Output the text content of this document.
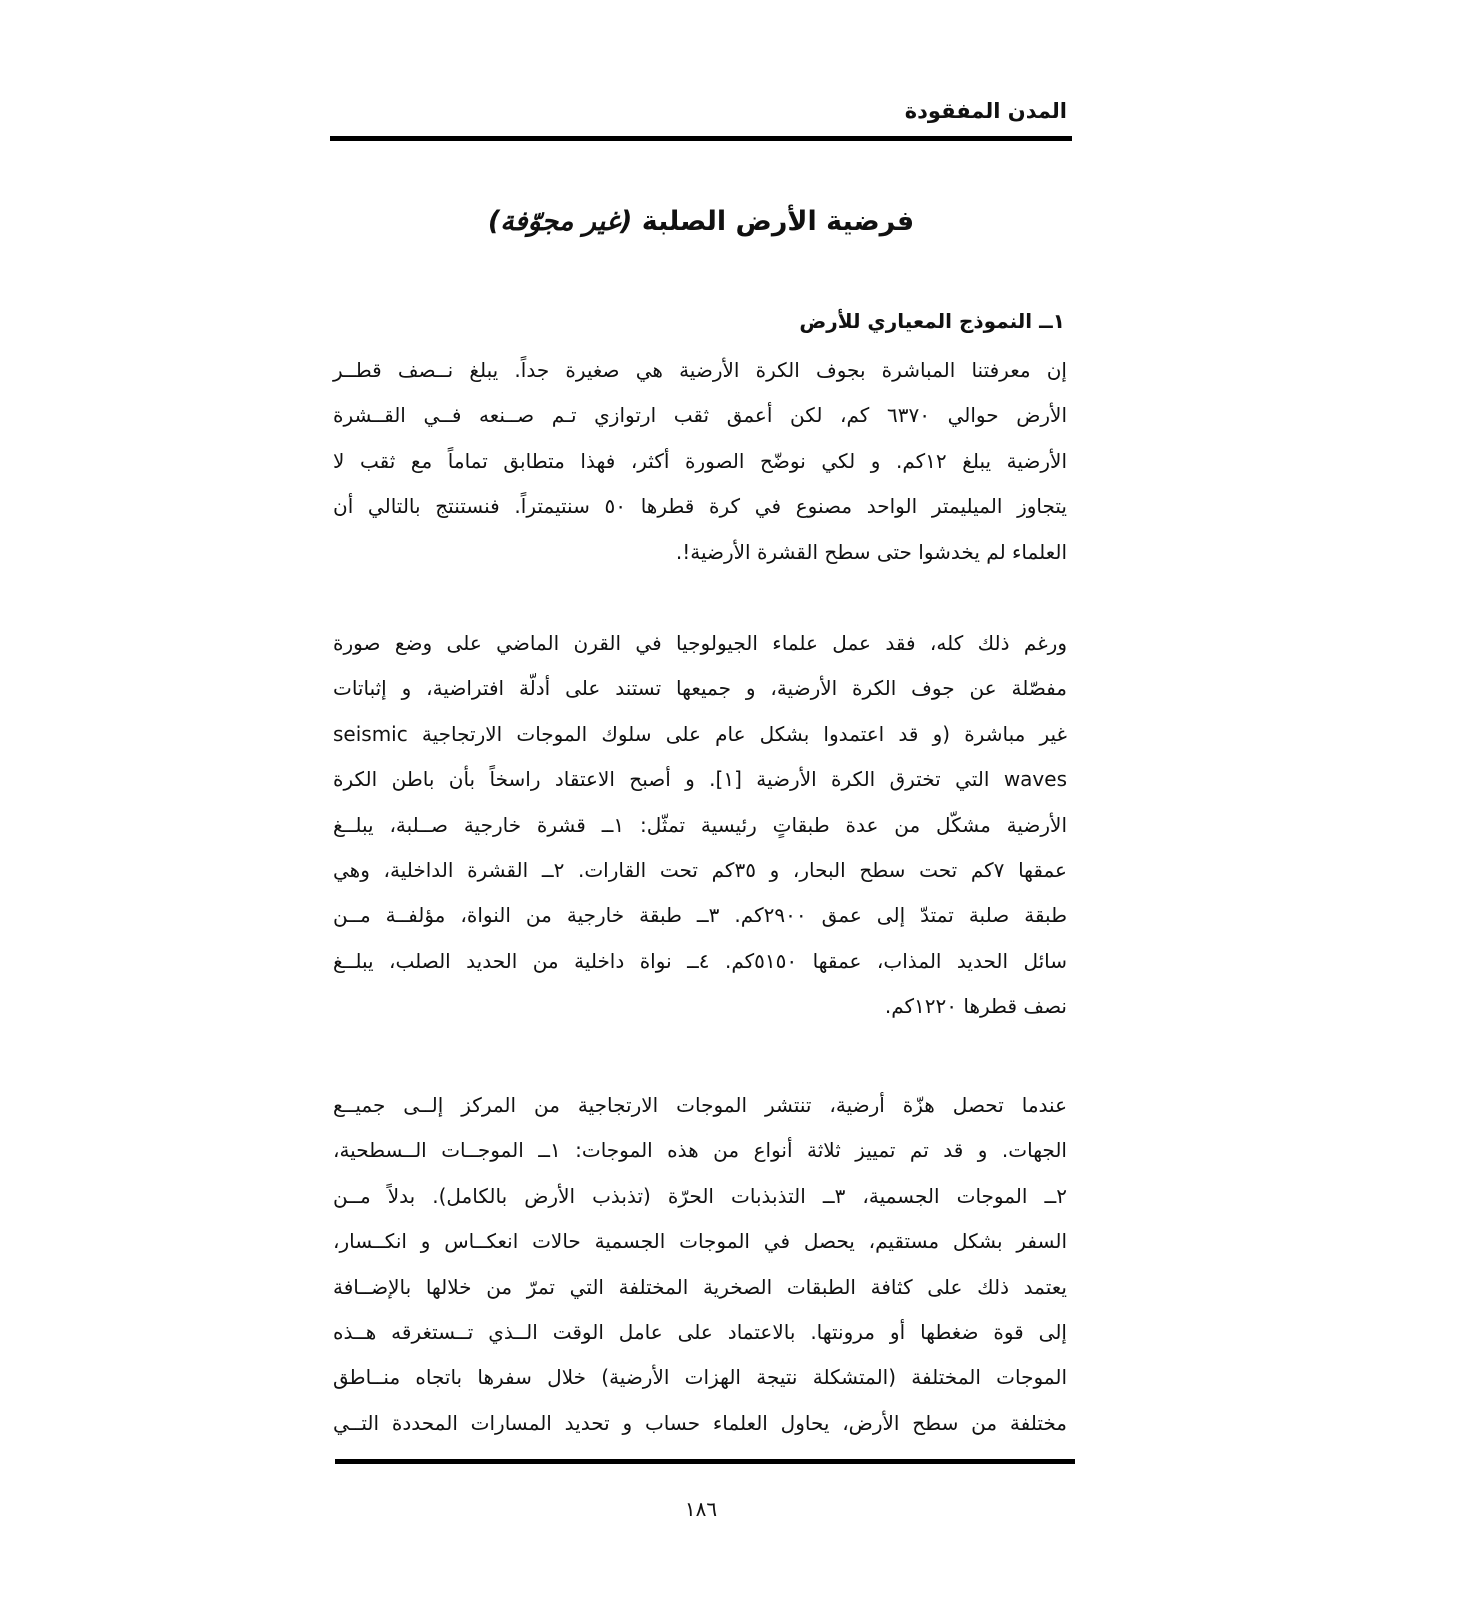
المدن المفقودة
فرضية الأرض الصلبة (غير مجوّفة)
١ــ النموذج المعياري للأرض
إن معرفتنا المباشرة بجوف الكرة الأرضية هي صغيرة جداً. يبلغ نــصف قطــر
الأرض حوالي ٦٣٧٠ كم، لكن أعمق ثقب ارتوازي تـم صــنعه فــي القــشرة
الأرضية يبلغ ١٢كم. و لكي نوضّح الصورة أكثر، فهذا متطابق تماماً مع ثقب لا
يتجاوز الميليمتر الواحد مصنوع في كرة قطرها ٥٠ سنتيمتراً. فنستنتج بالتالي أن
العلماء لم يخدشوا حتى سطح القشرة الأرضية!.
ورغم ذلك كله، فقد عمل علماء الجيولوجيا في القرن الماضي على وضع صورة
مفصّلة عن جوف الكرة الأرضية، و جميعها تستند على أدلّة افتراضية، و إثباتات
غير مباشرة (و قد اعتمدوا بشكل عام على سلوك الموجات الارتجاجية seismic
waves التي تخترق الكرة الأرضية [١]. و أصبح الاعتقاد راسخاً بأن باطن الكرة
الأرضية مشكّل من عدة طبقاتٍ رئيسية تمثّل: ١ــ قشرة خارجية صــلبة، يبلــغ
عمقها ٧كم تحت سطح البحار، و ٣٥كم تحت القارات. ٢ــ القشرة الداخلية، وهي
طبقة صلبة تمتدّ إلى عمق ٢٩٠٠كم. ٣ــ طبقة خارجية من النواة، مؤلفــة مــن
سائل الحديد المذاب، عمقها ٥١٥٠كم. ٤ــ نواة داخلية من الحديد الصلب، يبلــغ
نصف قطرها ١٢٢٠كم.
عندما تحصل هزّة أرضية، تنتشر الموجات الارتجاجية من المركز إلــى جميــع
الجهات. و قد تم تمييز ثلاثة أنواع من هذه الموجات: ١ــ الموجــات الــسطحية،
٢ــ الموجات الجسمية، ٣ــ التذبذبات الحرّة (تذبذب الأرض بالكامل). بدلاً مــن
السفر بشكل مستقيم، يحصل في الموجات الجسمية حالات انعكــاس و انكــسار،
يعتمد ذلك على كثافة الطبقات الصخرية المختلفة التي تمرّ من خلالها بالإضــافة
إلى قوة ضغطها أو مرونتها. بالاعتماد على عامل الوقت الــذي تــستغرقه هــذه
الموجات المختلفة (المتشكلة نتيجة الهزات الأرضية) خلال سفرها باتجاه منــاطق
مختلفة من سطح الأرض، يحاول العلماء حساب و تحديد المسارات المحددة التــي
١٨٦
